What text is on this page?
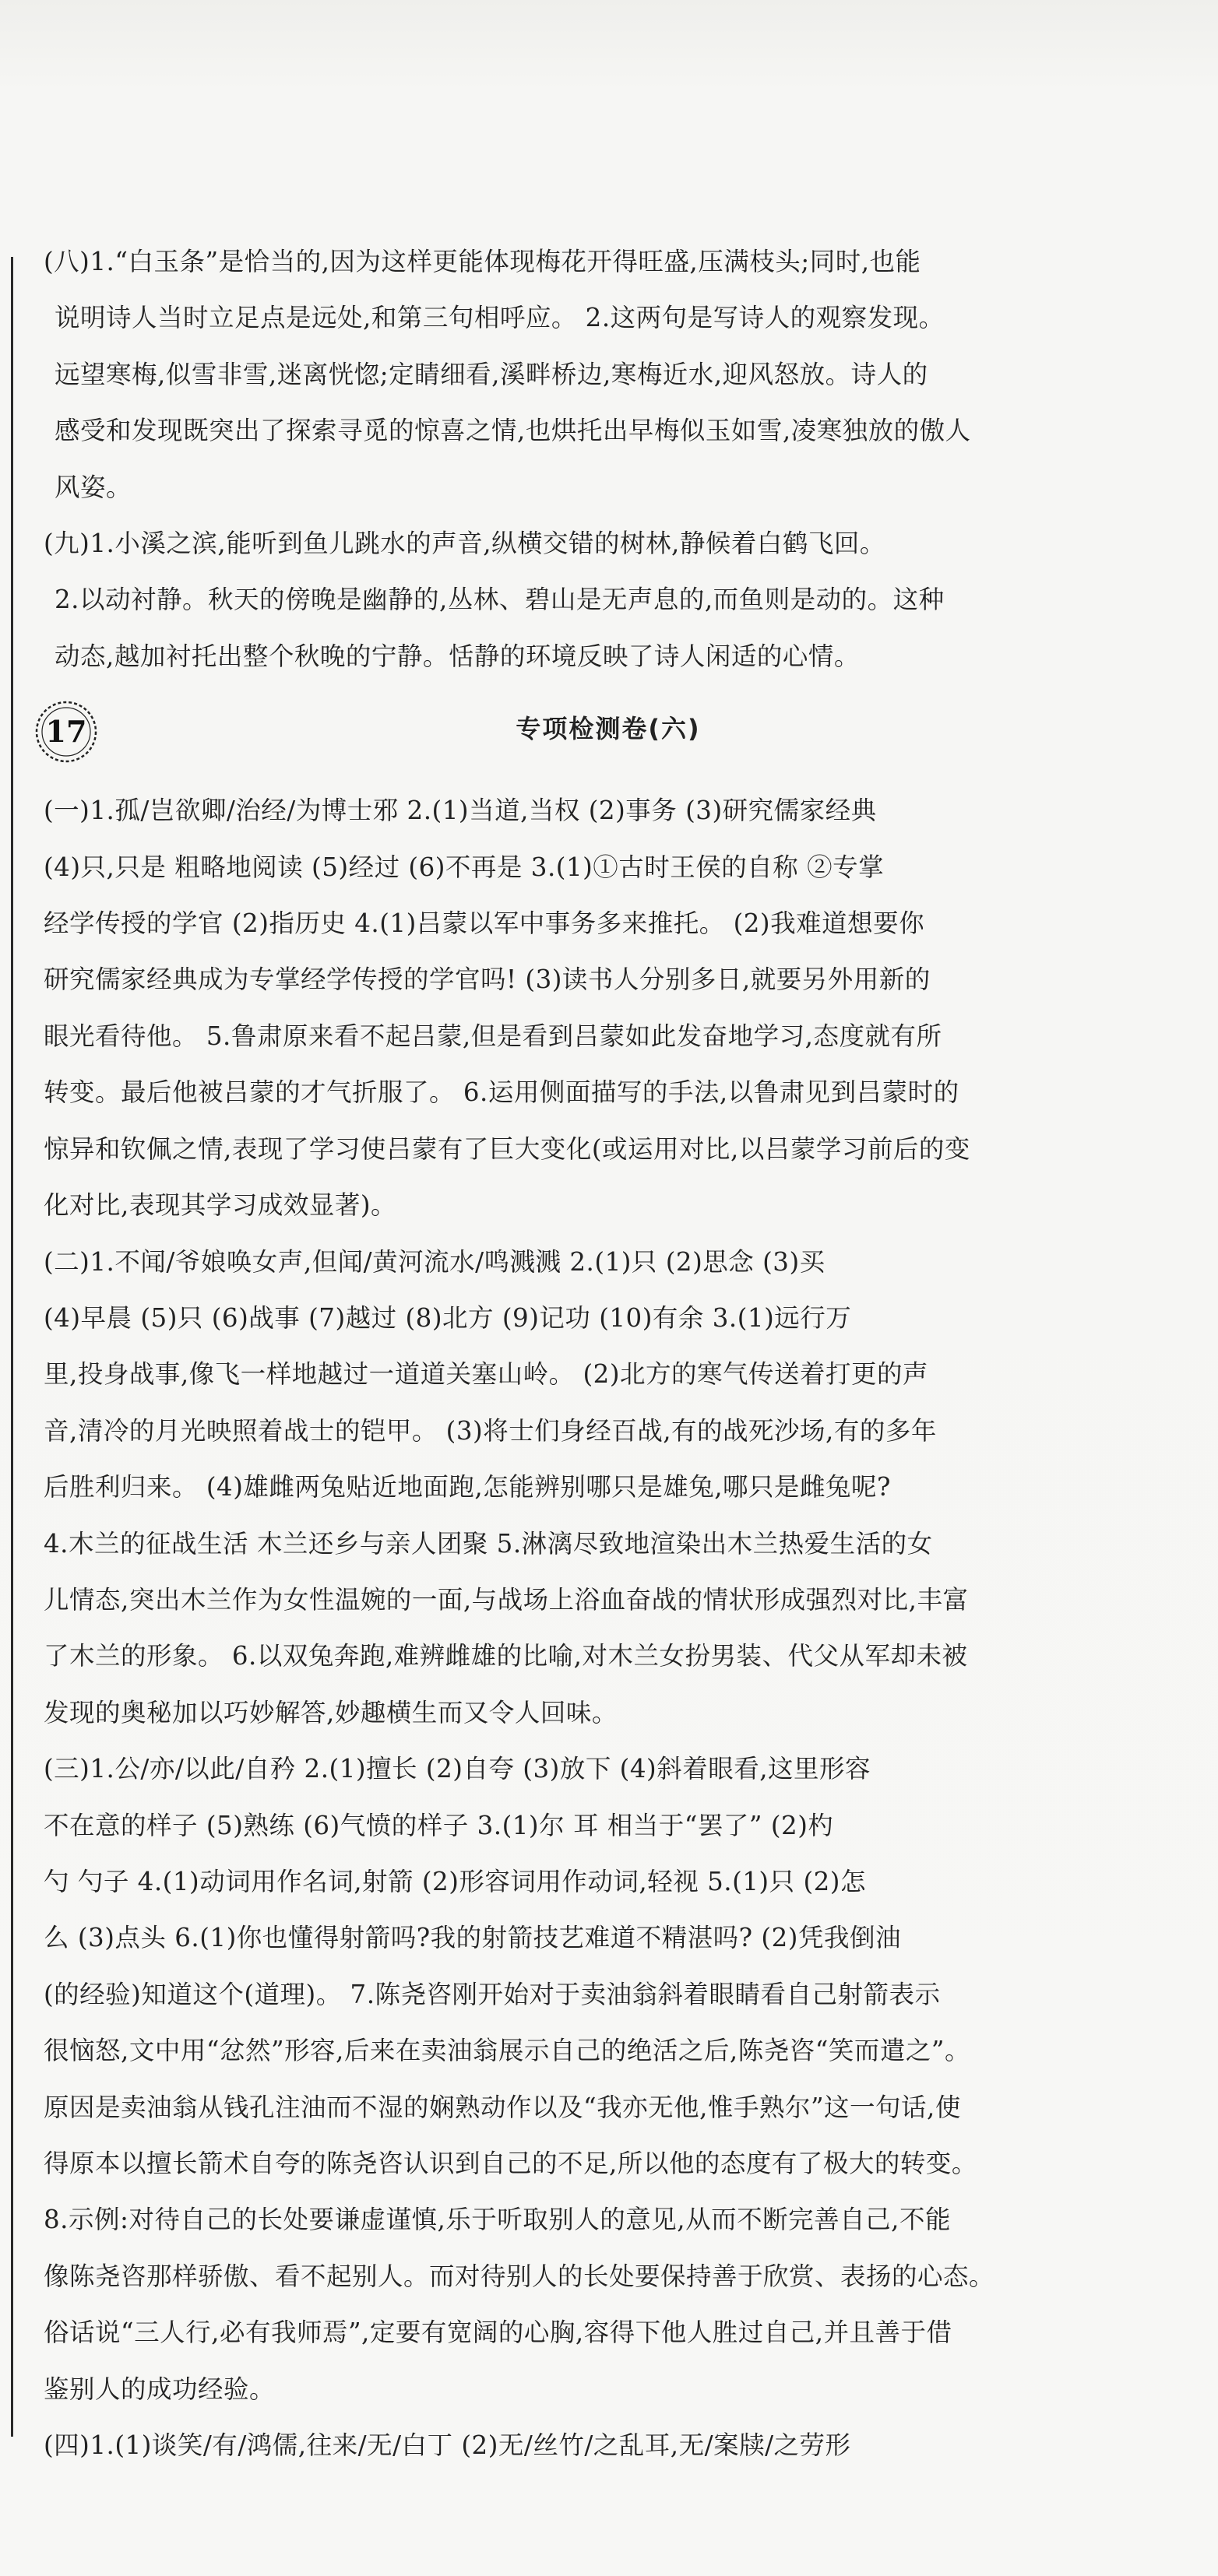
(八)1.“白玉条”是恰当的,因为这样更能体现梅花开得旺盛,压满枝头;同时,也能
说明诗人当时立足点是远处,和第三句相呼应。 2.这两句是写诗人的观察发现。
远望寒梅,似雪非雪,迷离恍惚;定睛细看,溪畔桥边,寒梅近水,迎风怒放。诗人的
感受和发现既突出了探索寻觅的惊喜之情,也烘托出早梅似玉如雪,凌寒独放的傲人
风姿。
(九)1.小溪之滨,能听到鱼儿跳水的声音,纵横交错的树林,静候着白鹤飞回。
2.以动衬静。秋天的傍晚是幽静的,丛林、碧山是无声息的,而鱼则是动的。这种
动态,越加衬托出整个秋晚的宁静。恬静的环境反映了诗人闲适的心情。
17	专项检测卷(六)
(一)1.孤/岂欲卿/治经/为博士邪 2.(1)当道,当权 (2)事务 (3)研究儒家经典
(4)只,只是 粗略地阅读 (5)经过 (6)不再是 3.(1)①古时王侯的自称 ②专掌
经学传授的学官 (2)指历史 4.(1)吕蒙以军中事务多来推托。 (2)我难道想要你
研究儒家经典成为专掌经学传授的学官吗! (3)读书人分别多日,就要另外用新的
眼光看待他。 5.鲁肃原来看不起吕蒙,但是看到吕蒙如此发奋地学习,态度就有所
转变。最后他被吕蒙的才气折服了。 6.运用侧面描写的手法,以鲁肃见到吕蒙时的
惊异和钦佩之情,表现了学习使吕蒙有了巨大变化(或运用对比,以吕蒙学习前后的变
化对比,表现其学习成效显著)。
(二)1.不闻/爷娘唤女声,但闻/黄河流水/鸣溅溅 2.(1)只 (2)思念 (3)买
(4)早晨 (5)只 (6)战事 (7)越过 (8)北方 (9)记功 (10)有余 3.(1)远行万
里,投身战事,像飞一样地越过一道道关塞山岭。 (2)北方的寒气传送着打更的声
音,清冷的月光映照着战士的铠甲。 (3)将士们身经百战,有的战死沙场,有的多年
后胜利归来。 (4)雄雌两兔贴近地面跑,怎能辨别哪只是雄兔,哪只是雌兔呢?
4.木兰的征战生活 木兰还乡与亲人团聚 5.淋漓尽致地渲染出木兰热爱生活的女
儿情态,突出木兰作为女性温婉的一面,与战场上浴血奋战的情状形成强烈对比,丰富
了木兰的形象。 6.以双兔奔跑,难辨雌雄的比喻,对木兰女扮男装、代父从军却未被
发现的奥秘加以巧妙解答,妙趣横生而又令人回味。
(三)1.公/亦/以此/自矜 2.(1)擅长 (2)自夸 (3)放下 (4)斜着眼看,这里形容
不在意的样子 (5)熟练 (6)气愤的样子 3.(1)尔 耳 相当于“罢了” (2)杓
勺 勺子 4.(1)动词用作名词,射箭 (2)形容词用作动词,轻视 5.(1)只 (2)怎
么 (3)点头 6.(1)你也懂得射箭吗?我的射箭技艺难道不精湛吗? (2)凭我倒油
(的经验)知道这个(道理)。 7.陈尧咨刚开始对于卖油翁斜着眼睛看自己射箭表示
很恼怒,文中用“忿然”形容,后来在卖油翁展示自己的绝活之后,陈尧咨“笑而遣之”。
原因是卖油翁从钱孔注油而不湿的娴熟动作以及“我亦无他,惟手熟尔”这一句话,使
得原本以擅长箭术自夸的陈尧咨认识到自己的不足,所以他的态度有了极大的转变。
8.示例:对待自己的长处要谦虚谨慎,乐于听取别人的意见,从而不断完善自己,不能
像陈尧咨那样骄傲、看不起别人。而对待别人的长处要保持善于欣赏、表扬的心态。
俗话说“三人行,必有我师焉”,定要有宽阔的心胸,容得下他人胜过自己,并且善于借
鉴别人的成功经验。
(四)1.(1)谈笑/有/鸿儒,往来/无/白丁 (2)无/丝竹/之乱耳,无/案牍/之劳形
